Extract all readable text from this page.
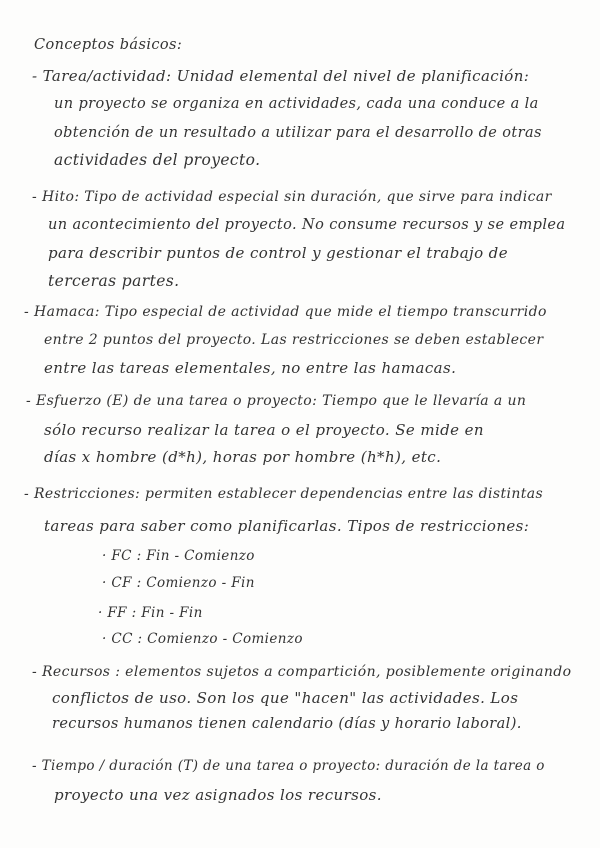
Conceptos básicos:
- Tarea/actividad: Unidad elemental del nivel de planificación:
un proyecto se organiza en actividades, cada una conduce a la
obtención de un resultado a utilizar para el desarrollo de otras
actividades del proyecto.
- Hito: Tipo de actividad especial sin duración, que sirve para indicar
un acontecimiento del proyecto. No consume recursos y se emplea
para describir puntos de control y gestionar el trabajo de
terceras partes.
- Hamaca: Tipo especial de actividad que mide el tiempo transcurrido
entre 2 puntos del proyecto. Las restricciones se deben establecer
entre las tareas elementales, no entre las hamacas.
- Esfuerzo (E) de una tarea o proyecto: Tiempo que le llevaría a un
sólo recurso realizar la tarea o el proyecto. Se mide en
días x hombre (d*h), horas por hombre (h*h), etc.
- Restricciones: permiten establecer dependencias entre las distintas
tareas para saber como planificarlas. Tipos de restricciones:
· FC : Fin - Comienzo
· CF : Comienzo - Fin
· FF : Fin - Fin
· CC : Comienzo - Comienzo
- Recursos : elementos sujetos a compartición, posiblemente originando
conflictos de uso. Son los que "hacen" las actividades. Los
recursos humanos tienen calendario (días y horario laboral).
- Tiempo / duración (T) de una tarea o proyecto: duración de la tarea o
proyecto una vez asignados los recursos.
